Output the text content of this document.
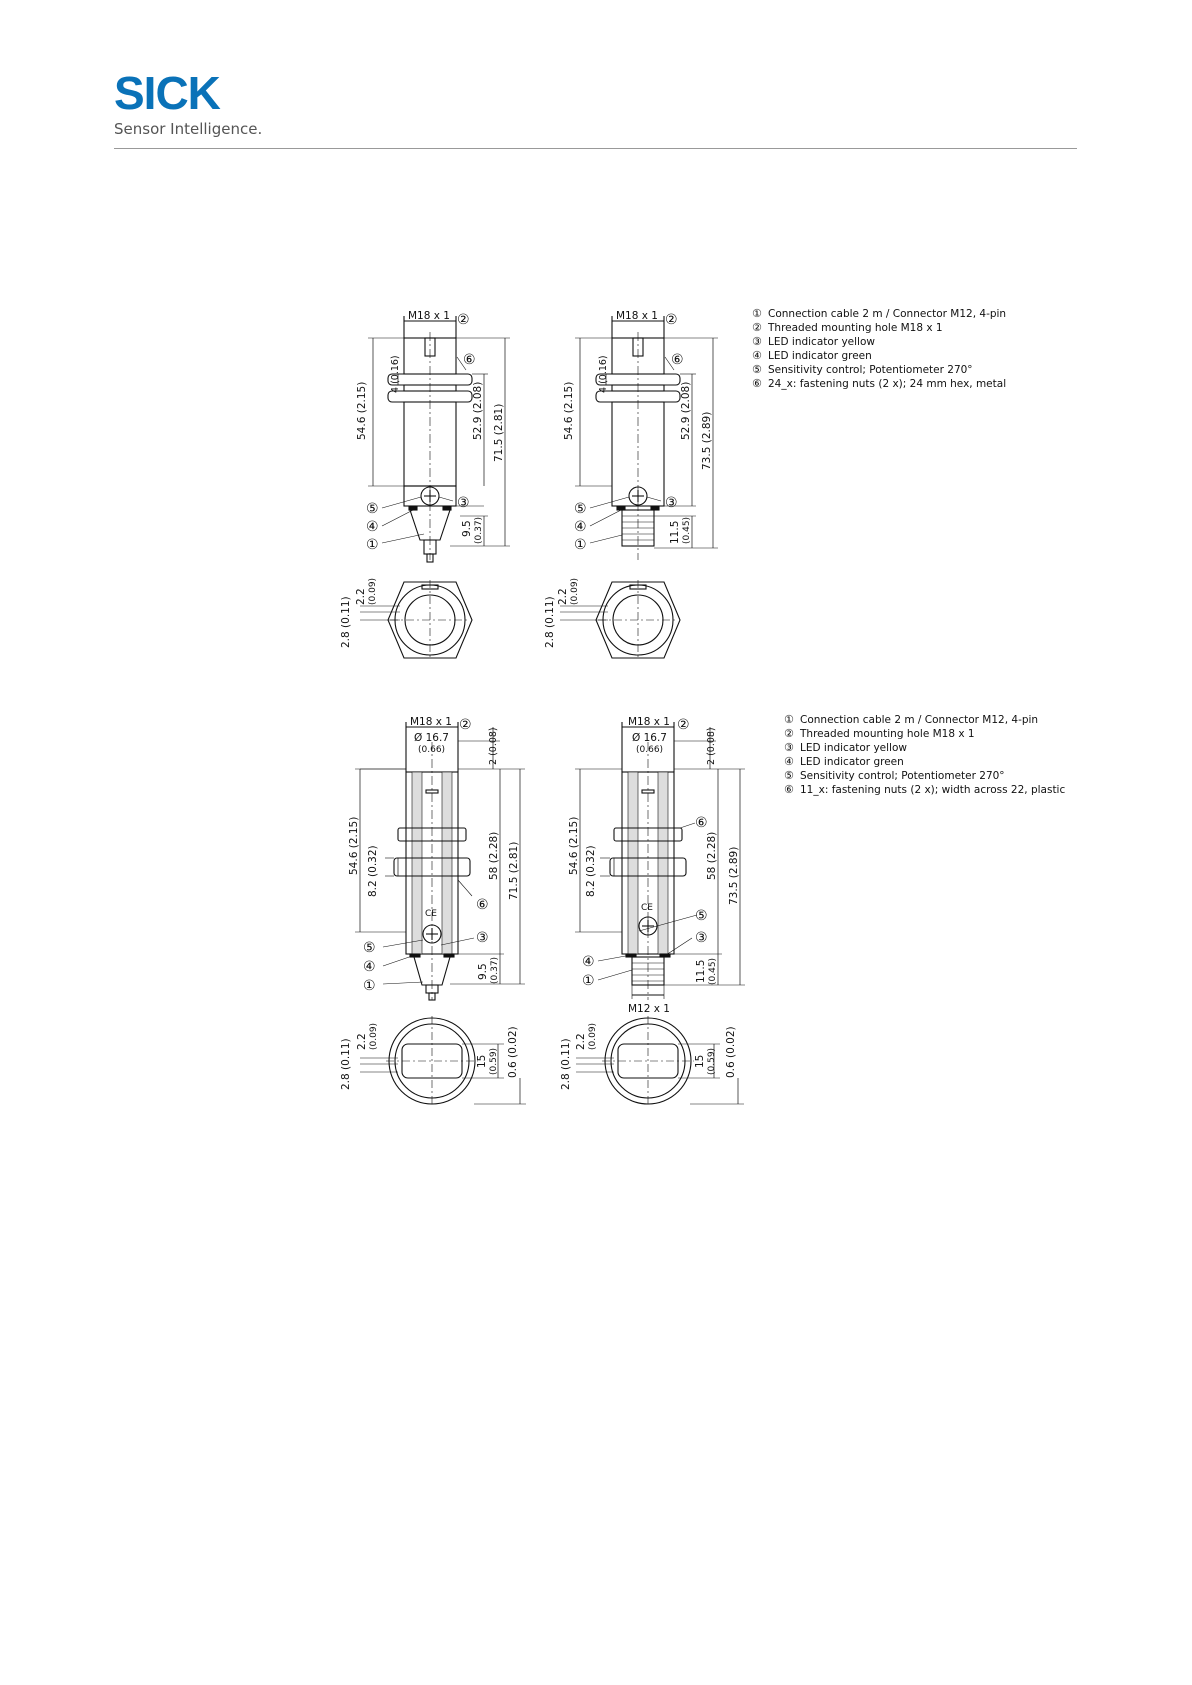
SICK
Sensor Intelligence.
CE
CE
M18 x 1 ②
⑥
⑤	③
④
①
54.6 (2.15)
4 (0.16)
52.9 (2.08) 71.5 (2.81)
9.5 (0.37)
2.2 (0.09)
2.8 (0.11)
M18 x 1 ②
⑥
⑤	③
④
①
54.6 (2.15)
4 (0.16)
52.9 (2.08)
73.5 (2.89)
11.5 (0.45)
2.2 (0.09)
2.8 (0.11)
M18 x 1 ②
Ø 16.7
(0.66)	2 (0.08)
54.6 (2.15) 8.2 (0.32)	58 (2.28) 71.5 (2.81)
⑥
⑤
③
④
①
9.5 (0.37)
2.2 (0.09)
2.8 (0.11)	15 (0.59) 0.6 (0.02)
M18 x 1 ②
Ø 16.7
(0.66)	2 (0.08)
54.6 (2.15) 8.2 (0.32)
⑥
58 (2.28) 73.5 (2.89)
⑤
③
④
①	11.5 (0.45)
M12 x 1
2.2 (0.09)
2.8 (0.11)	15 (0.59) 0.6 (0.02)
① Connection cable 2 m / Connector M12, 4-pin
② Threaded mounting hole M18 x 1
③ LED indicator yellow
④ LED indicator green
⑤ Sensitivity control; Potentiometer 270°
⑥ 24_x: fastening nuts (2 x); 24 mm hex, metal
① Connection cable 2 m / Connector M12, 4-pin
② Threaded mounting hole M18 x 1
③ LED indicator yellow
④ LED indicator green
⑤ Sensitivity control; Potentiometer 270°
⑥ 11_x: fastening nuts (2 x); width across 22, plastic
